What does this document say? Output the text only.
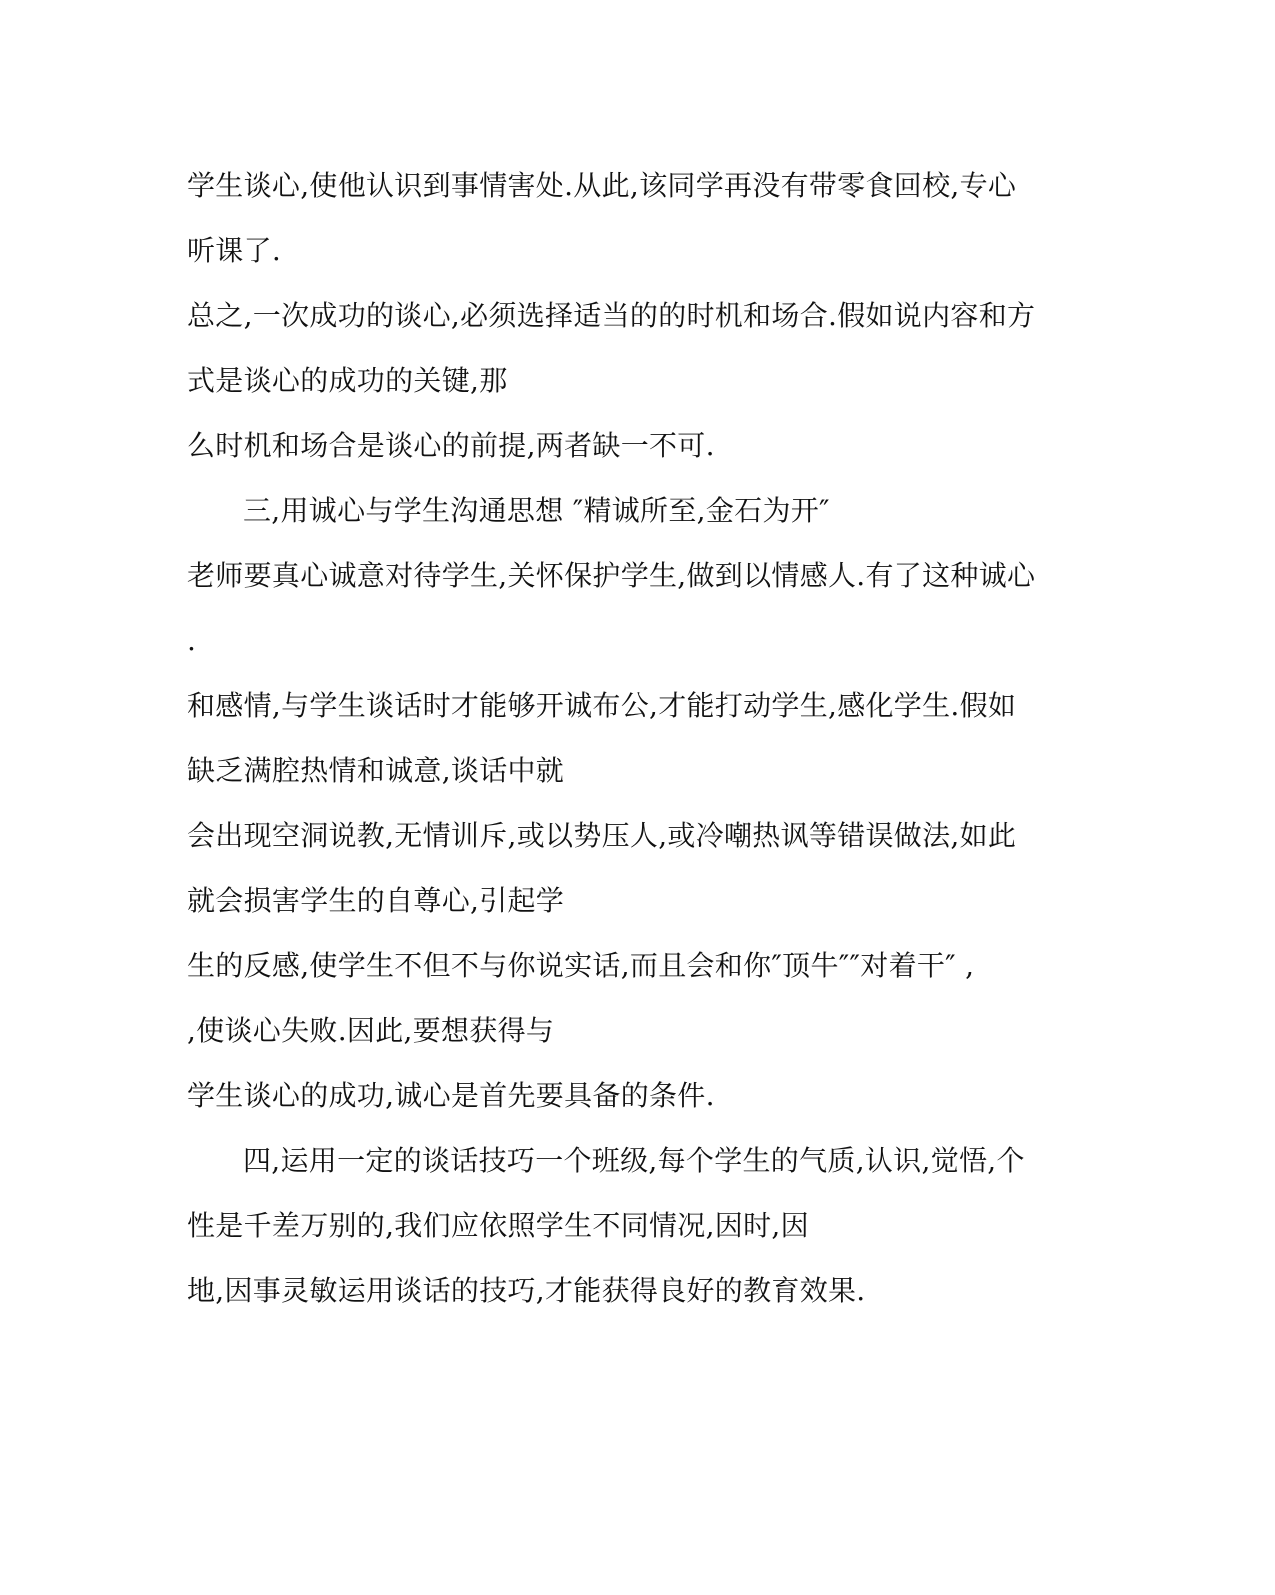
学生谈心,使他认识到事情害处.从此,该同学再没有带零食回校,专心
听课了.
总之,一次成功的谈心,必须选择适当的的时机和场合.假如说内容和方
式是谈心的成功的关键,那
么时机和场合是谈心的前提,两者缺一不可.
三,用诚心与学生沟通思想 ″精诚所至,金石为开″
老师要真心诚意对待学生,关怀保护学生,做到以情感人.有了这种诚心
.
和感情,与学生谈话时才能够开诚布公,才能打动学生,感化学生.假如
缺乏满腔热情和诚意,谈话中就
会出现空洞说教,无情训斥,或以势压人,或冷嘲热讽等错误做法,如此
就会损害学生的自尊心,引起学
生的反感,使学生不但不与你说实话,而且会和你″顶牛″″对着干″ ,
,使谈心失败.因此,要想获得与
学生谈心的成功,诚心是首先要具备的条件.
四,运用一定的谈话技巧一个班级,每个学生的气质,认识,觉悟,个
性是千差万别的,我们应依照学生不同情况,因时,因
地,因事灵敏运用谈话的技巧,才能获得良好的教育效果.
